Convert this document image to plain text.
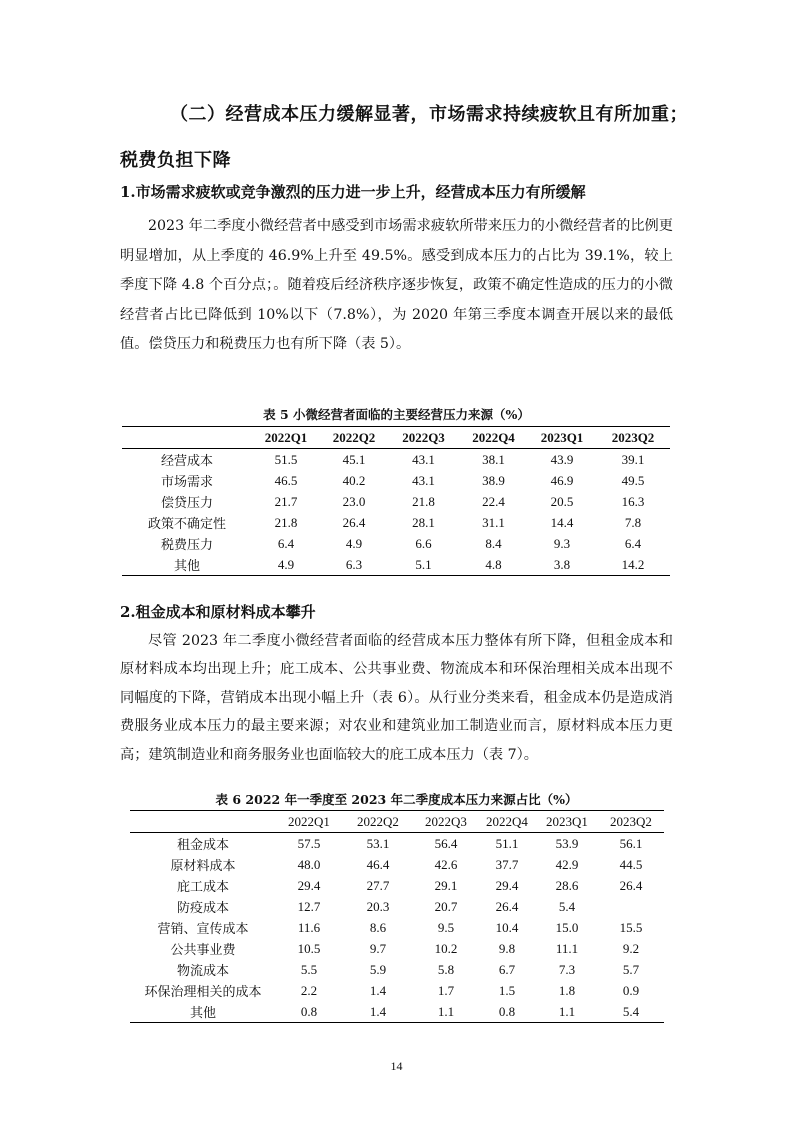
（二）经营成本压力缓解显著，市场需求持续疲软且有所加重；
税费负担下降
1.市场需求疲软或竞争激烈的压力进一步上升，经营成本压力有所缓解

2023 年二季度小微经营者中感受到市场需求疲软所带来压力的小微经营者的比例更明显增加，从上季度的 46.9%上升至 49.5%。感受到成本压力的占比为 39.1%，较上季度下降 4.8 个百分点；。随着疫后经济秩序逐步恢复，政策不确定性造成的压力的小微经营者占比已降低到 10%以下（7.8%），为 2020 年第三季度本调查开展以来的最低值。偿贷压力和税费压力也有所下降（表 5）。

表 5 小微经营者面临的主要经营压力来源（%）
	2022Q1	2022Q2	2022Q3	2022Q4	2023Q1	2023Q2
经营成本	51.5	45.1	43.1	38.1	43.9	39.1
市场需求	46.5	40.2	43.1	38.9	46.9	49.5
偿贷压力	21.7	23.0	21.8	22.4	20.5	16.3
政策不确定性	21.8	26.4	28.1	31.1	14.4	7.8
税费压力	6.4	4.9	6.6	8.4	9.3	6.4
其他	4.9	6.3	5.1	4.8	3.8	14.2
2.租金成本和原材料成本攀升

尽管 2023 年二季度小微经营者面临的经营成本压力整体有所下降，但租金成本和原材料成本均出现上升；庇工成本、公共事业费、物流成本和环保治理相关成本出现不同幅度的下降，营销成本出现小幅上升（表 6）。从行业分类来看，租金成本仍是造成消费服务业成本压力的最主要来源；对农业和建筑业加工制造业而言，原材料成本压力更高；建筑制造业和商务服务业也面临较大的庇工成本压力（表 7）。

表 6 2022 年一季度至 2023 年二季度成本压力来源占比（%）
	2022Q1	2022Q2	2022Q3	2022Q4	2023Q1	2023Q2
租金成本	57.5	53.1	56.4	51.1	53.9	56.1
原材料成本	48.0	46.4	42.6	37.7	42.9	44.5
庇工成本	29.4	27.7	29.1	29.4	28.6	26.4
防疫成本	12.7	20.3	20.7	26.4	5.4	
营销、宣传成本	11.6	8.6	9.5	10.4	15.0	15.5
公共事业费	10.5	9.7	10.2	9.8	11.1	9.2
物流成本	5.5	5.9	5.8	6.7	7.3	5.7
环保治理相关的成本	2.2	1.4	1.7	1.5	1.8	0.9
其他	0.8	1.4	1.1	0.8	1.1	5.4
14
